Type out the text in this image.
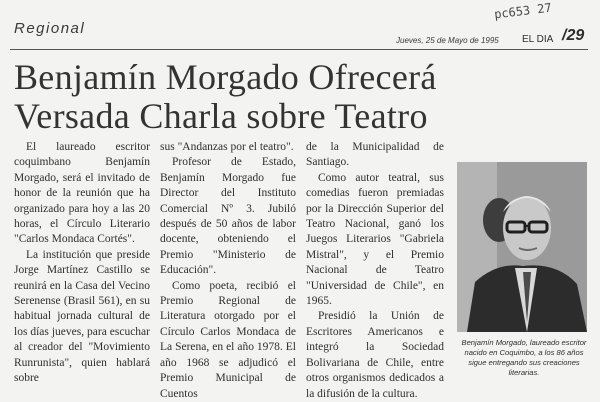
Regional
Jueves, 25 de Mayo de 1995 EL DIA /29
pc653 27
Benjamín Morgado Ofrecerá
Versada Charla sobre Teatro

El laureado escritor coquimbano Benjamín Morgado, será el invitado de honor de la reunión que ha organizado para hoy a las 20 horas, el Círculo Literario "Carlos Mondaca Cortés".

La institución que preside Jorge Martínez Castillo se reunirá en la Casa del Vecino Serenense (Brasil 561), en su habitual jornada cultural de los días jueves, para escuchar al creador del "Movimiento Runrunista", quien hablará sobre

sus "Andanzas por el teatro".

Profesor de Estado, Benjamín Morgado fue Director del Instituto Comercial Nº 3. Jubiló después de 50 años de labor docente, obteniendo el Premio "Ministerio de Educación".

Como poeta, recibió el Premio Regional de Literatura otorgado por el Círculo Carlos Mondaca de La Serena, en el año 1978. El año 1968 se adjudicó el Premio Municipal de Cuentos

de la Municipalidad de Santiago.

Como autor teatral, sus comedias fueron premiadas por la Dirección Superior del Teatro Nacional, ganó los Juegos Literarios "Gabriela Mistral", y el Premio Nacional de Teatro "Universidad de Chile", en 1965.

Presidió la Unión de Escritores Americanos e integró la Sociedad Bolivariana de Chile, entre otros organismos dedicados a la difusión de la cultura.

Benjamín Morgado, laureado escritor nacido en Coquimbo, a los 86 años sigue entregando sus creaciones literarias.
